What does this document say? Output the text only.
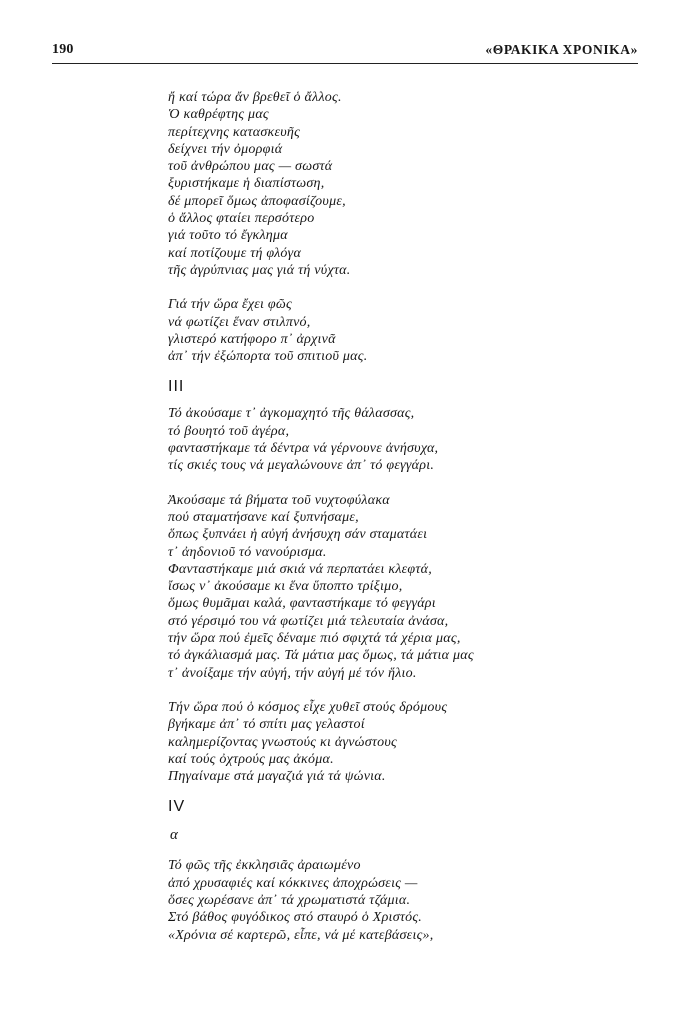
190	«ΘΡΑΚΙΚΑ ΧΡΟΝΙΚΑ»
ἤ καί τώρα ἄν βρεθεῖ ὁ ἄλλος.
Ὁ καθρέφτης μας
περίτεχνης κατασκευῆς
δείχνει τήν ὀμορφιά
τοῦ ἀνθρώπου μας — σωστά
ξυριστήκαμε ἡ διαπίστωση,
δέ μπορεῖ ὅμως ἀποφασίζουμε,
ὁ ἄλλος φταίει περσότερο
γιά τοῦτο τό ἔγκλημα
καί ποτίζουμε τή φλόγα
τῆς ἀγρύπνιας μας γιά τή νύχτα.
Γιά τήν ὥρα ἔχει φῶς
νά φωτίζει ἕναν στιλπνό,
γλιστερό κατήφορο π᾿ ἀρχινᾶ
ἀπ᾿ τήν ἐξώπορτα τοῦ σπιτιοῦ μας.
III
Τό ἀκούσαμε τ᾿ ἀγκομαχητό τῆς θάλασσας,
τό βουητό τοῦ ἀγέρα,
φανταστήκαμε τά δέντρα νά γέρνουνε ἀνήσυχα,
τίς σκιές τους νά μεγαλώνουνε ἀπ᾿ τό φεγγάρι.
Ἀκούσαμε τά βήματα τοῦ νυχτοφύλακα
πού σταματήσανε καί ξυπνήσαμε,
ὅπως ξυπνάει ἡ αὐγή ἀνήσυχη σάν σταματάει
τ᾿ ἀηδονιοῦ τό νανούρισμα.
Φανταστήκαμε μιά σκιά νά περπατάει κλεφτά,
ἴσως ν᾿ ἀκούσαμε κι ἕνα ὕποπτο τρίξιμο,
ὅμως θυμᾶμαι καλά, φανταστήκαμε τό φεγγάρι
στό γέρσιμό του νά φωτίζει μιά τελευταία ἀνάσα,
τήν ὥρα πού ἐμεῖς δέναμε πιό σφιχτά τά χέρια μας,
τό ἀγκάλιασμά μας. Τά μάτια μας ὅμως, τά μάτια μας
τ᾿ ἀνοίξαμε τήν αὐγή, τήν αὐγή μέ τόν ἥλιο.
Τήν ὥρα πού ὁ κόσμος εἶχε χυθεῖ στούς δρόμους
βγήκαμε ἀπ᾿ τό σπίτι μας γελαστοί
καλημερίζοντας γνωστούς κι ἀγνώστους
καί τούς ὀχτρούς μας ἀκόμα.
Πηγαίναμε στά μαγαζιά γιά τά ψώνια.
IV
α
Τό φῶς τῆς ἐκκλησιᾶς ἀραιωμένο
ἀπό χρυσαφιές καί κόκκινες ἀποχρώσεις —
ὅσες χωρέσανε ἀπ᾿ τά χρωματιστά τζάμια.
Στό βάθος φυγόδικος στό σταυρό ὁ Χριστός.
«Χρόνια σέ καρτερῶ, εἶπε, νά μέ κατεβάσεις»,
